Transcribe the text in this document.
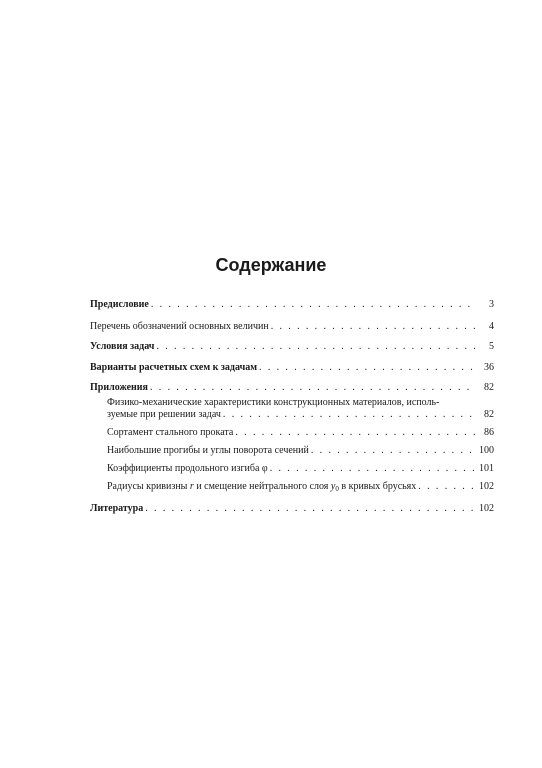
Содержание
Предисловие . . .	3
Перечень обозначений основных величин . . .	4
Условия задач . . .	5
Варианты расчетных схем к задачам . . .	36
Приложения . . .	82
Физико-механические характеристики конструкционных материалов, исполь-
зуемые при решении задач . . .	82
Сортамент стального проката . . .	86
Наибольшие прогибы и углы поворота сечений . . .	100
Коэффициенты продольного изгиба φ . . .	101
Радиусы кривизны r и смещение нейтрального слоя $y_0$ в кривых брусьях . . .	102
Литература . . .	102
